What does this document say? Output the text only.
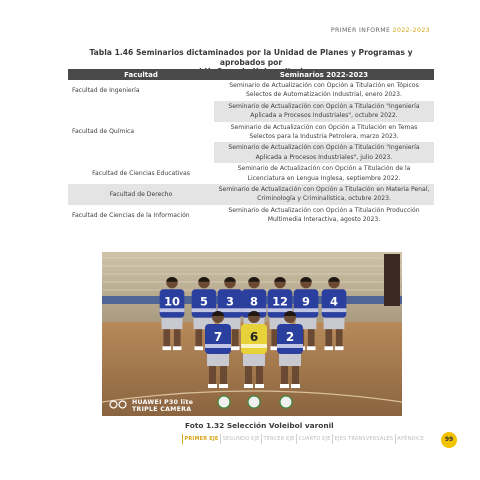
PRIMER INFORME 2022-2023
Tabla 1.46 Seminarios dictaminados por la Unidad de Planes y Programas y aprobados por
Facultad	Seminarios 2022-2023
Facultad de Ingeniería	Seminario de Actualización con Opción a Titulación en Tópicos Selectos de Automatización Industrial, enero 2023.
Facultad de Química	Seminario de Actualización con Opción a Titulación "Ingeniería Aplicada a Procesos Industriales", octubre 2022.
	Seminario de Actualización con Opción a Titulación en Temas Selectos para la Industria Petrolera, marzo 2023.
	Seminario de Actualización con Opción a Titulación "Ingeniería Aplicada a Procesos Industriales", julio 2023.
Facultad de Ciencias Educativas	Seminario de Actualización con Opción a Titulación de la Licenciatura en Lengua Inglesa, septiembre 2022.
Facultad de Derecho	Seminario de Actualización con Opción a Titulación en Materia Penal, Criminología y Criminalística, octubre 2023.
Facultad de Ciencias de la Información	Seminario de Actualización con Opción a Titulación Producción Multimedia Interactiva, agosto 2023.
10 5 3 8 12 9 4
7 6 2
HUAWEI P30 lite
TRIPLE CAMERA
Foto 1.32 Selección Voleibol varonil
PRIMER EJE SEGUNDO EJE TERCER EJE CUARTO EJE EJES TRANSVERSALES APÉNDICE	99
